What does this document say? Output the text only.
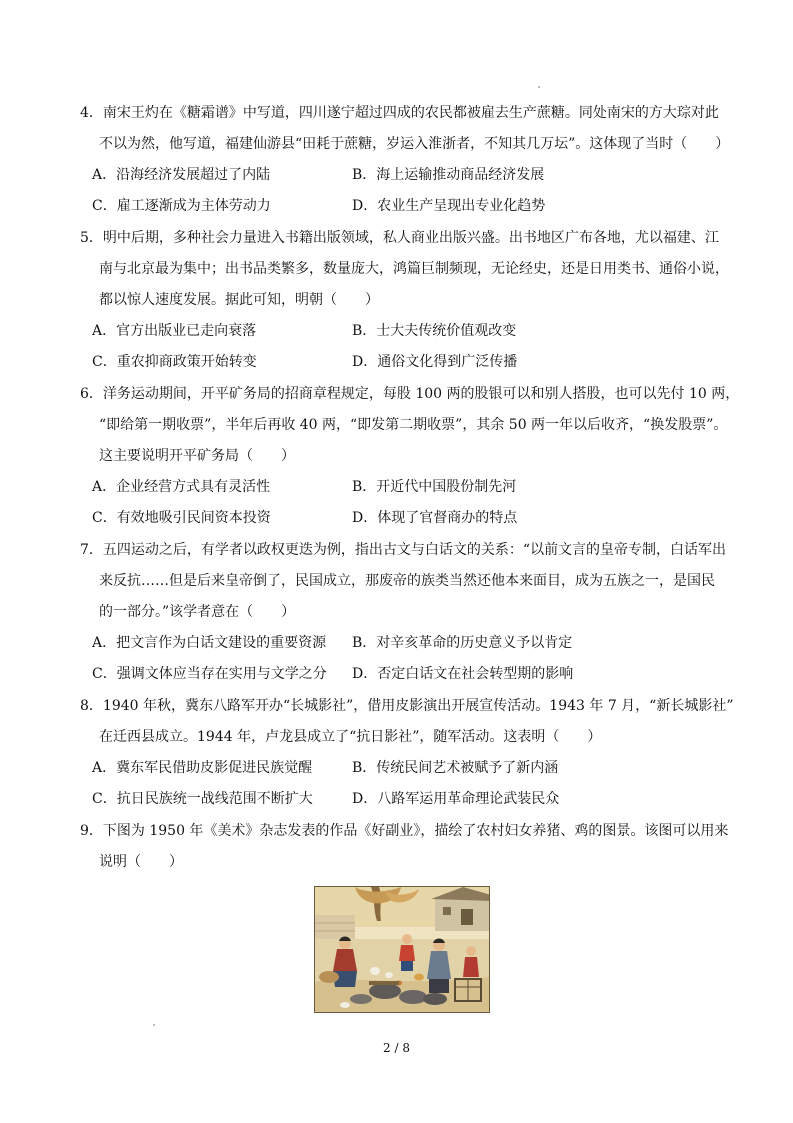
4．南宋王灼在《糖霜谱》中写道，四川遂宁超过四成的农民都被雇去生产蔗糖。同处南宋的方大琮对此
不以为然，他写道，福建仙游县“田耗于蔗糖，岁运入淮浙者，不知其几万坛”。这体现了当时（　　）
A．沿海经济发展超过了内陆	B．海上运输推动商品经济发展
C．雇工逐渐成为主体劳动力	D．农业生产呈现出专业化趋势
5．明中后期，多种社会力量进入书籍出版领域，私人商业出版兴盛。出书地区广布各地，尤以福建、江
南与北京最为集中；出书品类繁多，数量庞大，鸿篇巨制频现，无论经史，还是日用类书、通俗小说，
都以惊人速度发展。据此可知，明朝（　　）
A．官方出版业已走向衰落	B．士大夫传统价值观改变
C．重农抑商政策开始转变	D．通俗文化得到广泛传播
6．洋务运动期间，开平矿务局的招商章程规定，每股 100 两的股银可以和别人搭股，也可以先付 10 两，
“即给第一期收票”，半年后再收 40 两，“即发第二期收票”，其余 50 两一年以后收齐，“换发股票”。
这主要说明开平矿务局（　　）
A．企业经营方式具有灵活性	B．开近代中国股份制先河
C．有效地吸引民间资本投资	D．体现了官督商办的特点
7．五四运动之后，有学者以政权更迭为例，指出古文与白话文的关系：“以前文言的皇帝专制，白话军出
来反抗……但是后来皇帝倒了，民国成立，那废帝的族类当然还他本来面目，成为五族之一，是国民
的一部分。”该学者意在（　　）
A．把文言作为白话文建设的重要资源 B．对辛亥革命的历史意义予以肯定
C．强调文体应当存在实用与文学之分 D．否定白话文在社会转型期的影响
8．1940 年秋，冀东八路军开办“长城影社”，借用皮影演出开展宣传活动。1943 年 7 月，“新长城影社”
在迁西县成立。1944 年，卢龙县成立了“抗日影社”，随军活动。这表明（　　）
A．冀东军民借助皮影促进民族觉醒	B．传统民间艺术被赋予了新内涵
C．抗日民族统一战线范围不断扩大	D．八路军运用革命理论武装民众
9．下图为 1950 年《美术》杂志发表的作品《好副业》，描绘了农村妇女养猪、鸡的图景。该图可以用来
说明（　　）
2 / 8
